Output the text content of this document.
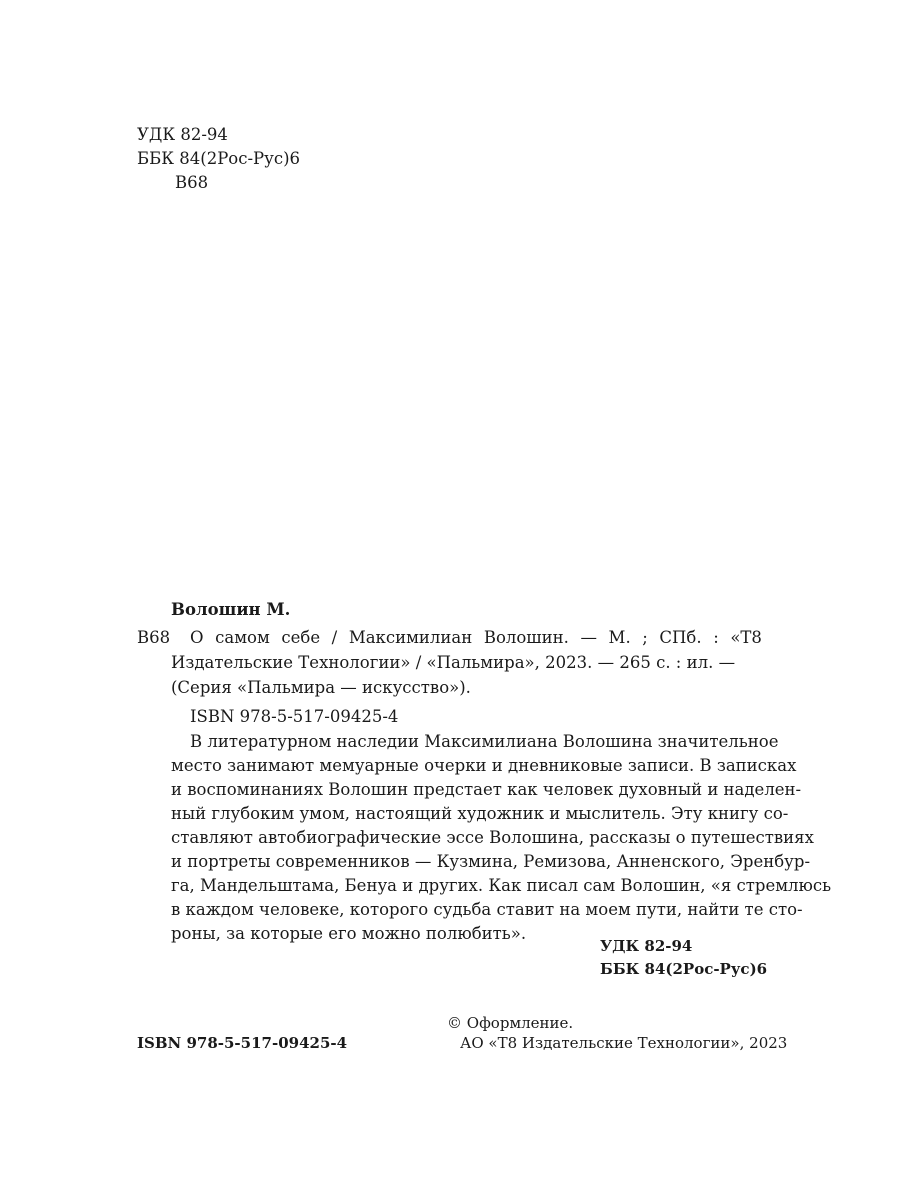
УДК 82-94
ББК 84(2Рос-Рус)6
В68
Волошин М.
В68 О самом себе / Максимилиан Волошин. — М. ; СПб. : «Т8
Издательские Технологии» / «Пальмира», 2023. — 265 с. : ил. —
(Серия «Пальмира — искусство»).
ISBN 978-5-517-09425-4
В литературном наследии Максимилиана Волошина значительное
место занимают мемуарные очерки и дневниковые записи. В записках
и воспоминаниях Волошин предстает как человек духовный и наделен-
ный глубоким умом, настоящий художник и мыслитель. Эту книгу со-
ставляют автобиографические эссе Волошина, рассказы о путешествиях
и портреты современников — Кузмина, Ремизова, Анненского, Эренбур-
га, Мандельштама, Бенуа и других. Как писал сам Волошин, «я стремлюсь
в каждом человеке, которого судьба ставит на моем пути, найти те сто-
роны, за которые его можно полюбить».
УДК 82-94
ББК 84(2Рос-Рус)6
© Оформление.
ISBN 978-5-517-09425-4	АО «Т8 Издательские Технологии», 2023
